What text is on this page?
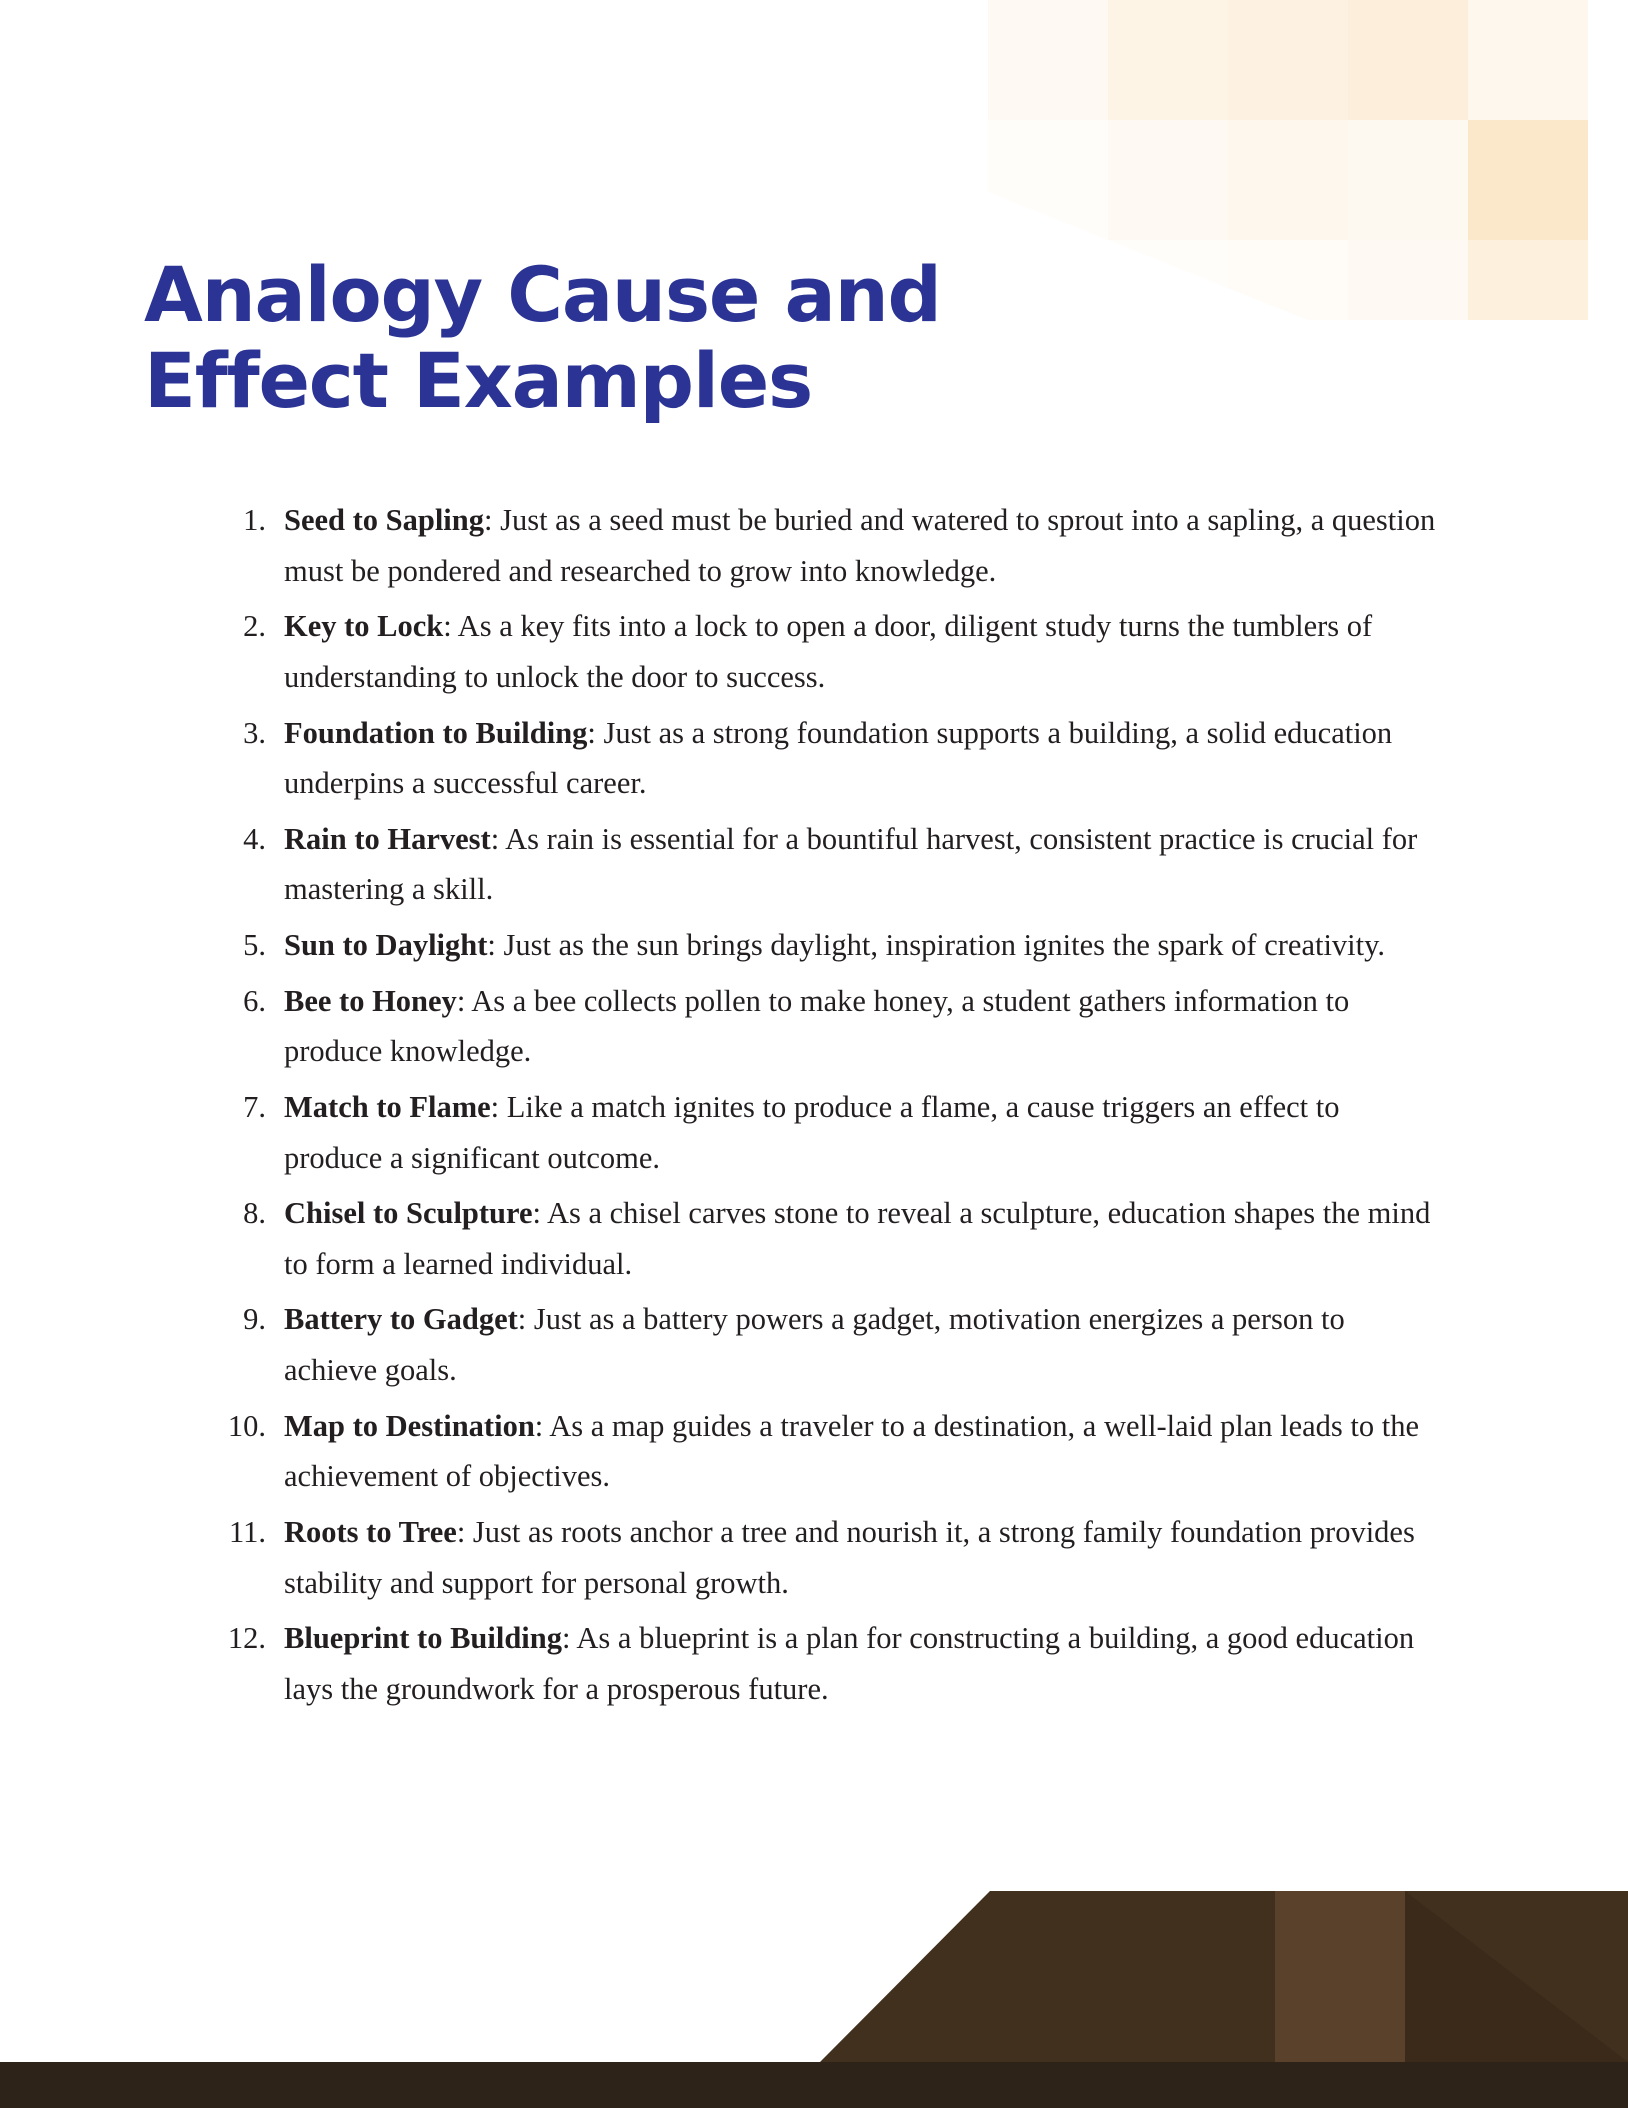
Analogy Cause and
Effect Examples
1. Seed to Sapling: Just as a seed must be buried and watered to sprout into a sapling, a question must be pondered and researched to grow into knowledge.
2. Key to Lock: As a key fits into a lock to open a door, diligent study turns the tumblers of understanding to unlock the door to success.
3. Foundation to Building: Just as a strong foundation supports a building, a solid education underpins a successful career.
4. Rain to Harvest: As rain is essential for a bountiful harvest, consistent practice is crucial for mastering a skill.
5. Sun to Daylight: Just as the sun brings daylight, inspiration ignites the spark of creativity.
6. Bee to Honey: As a bee collects pollen to make honey, a student gathers information to produce knowledge.
7. Match to Flame: Like a match ignites to produce a flame, a cause triggers an effect to produce a significant outcome.
8. Chisel to Sculpture: As a chisel carves stone to reveal a sculpture, education shapes the mind to form a learned individual.
9. Battery to Gadget: Just as a battery powers a gadget, motivation energizes a person to achieve goals.
10. Map to Destination: As a map guides a traveler to a destination, a well-laid plan leads to the achievement of objectives.
11. Roots to Tree: Just as roots anchor a tree and nourish it, a strong family foundation provides stability and support for personal growth.
12. Blueprint to Building: As a blueprint is a plan for constructing a building, a good education lays the groundwork for a prosperous future.
